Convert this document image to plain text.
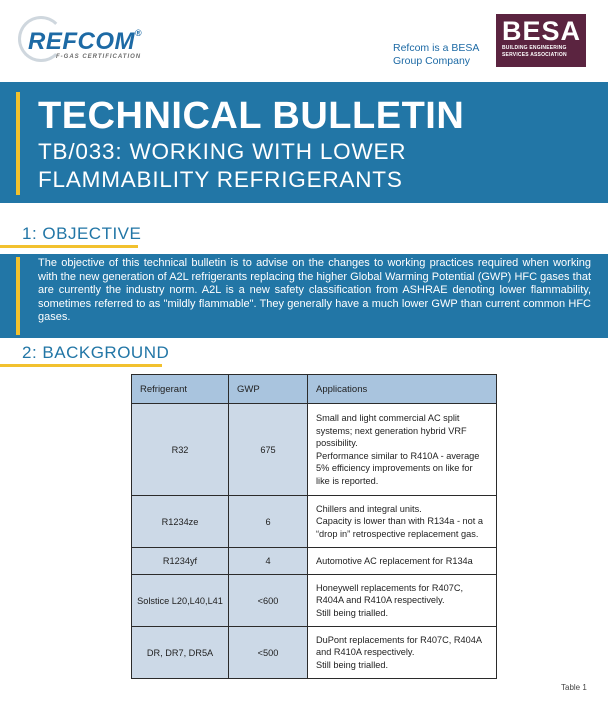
REFCOM®
F-GAS CERTIFICATION
Refcom is a BESA
Group Company
BESA
BUILDING ENGINEERING
SERVICES ASSOCIATION
TECHNICAL BULLETIN
TB/033: WORKING WITH LOWER
FLAMMABILITY REFRIGERANTS
1: OBJECTIVE
The objective of this technical bulletin is to advise on the changes to working practices required when working with the new generation of A2L refrigerants replacing the higher Global Warming Potential (GWP) HFC gases that are currently the industry norm. A2L is a new safety classification from ASHRAE denoting lower flammability, sometimes referred to as "mildly flammable". They generally have a much lower GWP than current common HFC gases.
2: BACKGROUND
Refrigerant	GWP	Applications
R32	675	Small and light commercial AC split systems; next generation hybrid VRF possibility.
Performance similar to R410A - average 5% efficiency improvements on like for like is reported.

R1234ze	6	Chillers and integral units.
Capacity is lower than with R134a - not a “drop in” retrospective replacement gas.

R1234yf	4	Automotive AC replacement for R134a

Solstice L20,L40,L41	<600	Honeywell replacements for R407C, R404A and R410A respectively.
Still being trialled.

DR, DR7, DR5A	<500	DuPont replacements for R407C, R404A and R410A respectively.
Still being trialled.
Table 1
